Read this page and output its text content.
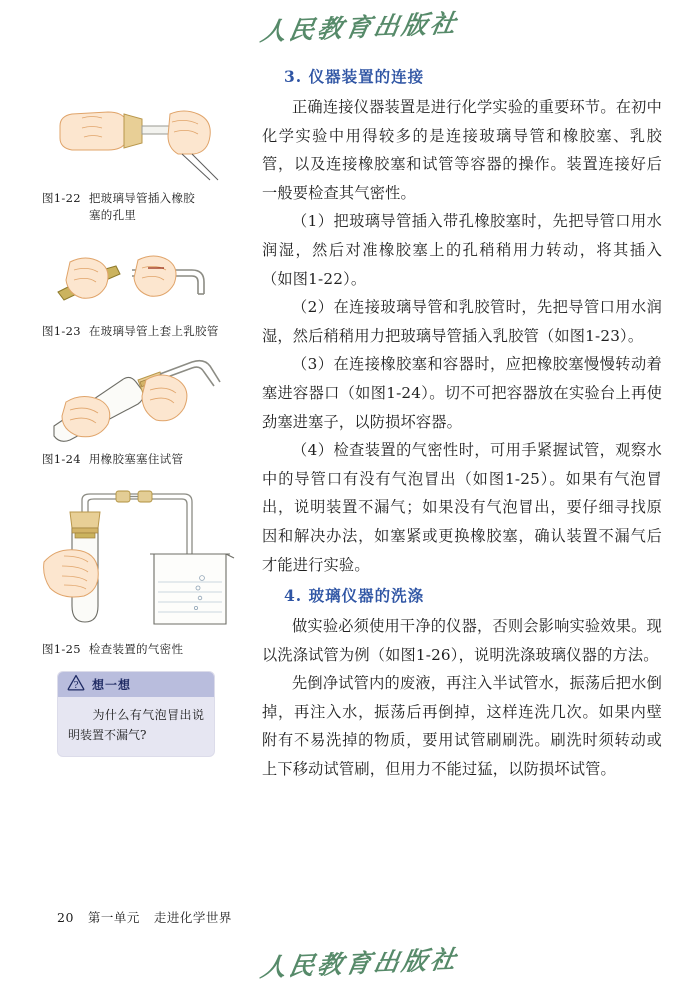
人民教育出版社
图1-22 把玻璃导管插入橡胶
塞的孔里
图1-23 在玻璃导管上套上乳胶管
图1-24 用橡胶塞塞住试管
图1-25 检查装置的气密性
? 想一想
为什么有气泡冒出说明装置不漏气?
3. 仪器装置的连接

正确连接仪器装置是进行化学实验的重要环节。在初中化学实验中用得较多的是连接玻璃导管和橡胶塞、乳胶管，以及连接橡胶塞和试管等容器的操作。装置连接好后一般要检查其气密性。

（1）把玻璃导管插入带孔橡胶塞时，先把导管口用水润湿，然后对准橡胶塞上的孔稍稍用力转动，将其插入（如图1-22）。

（2）在连接玻璃导管和乳胶管时，先把导管口用水润湿，然后稍稍用力把玻璃导管插入乳胶管（如图1-23）。

（3）在连接橡胶塞和容器时，应把橡胶塞慢慢转动着塞进容器口（如图1-24）。切不可把容器放在实验台上再使劲塞进塞子，以防损坏容器。

（4）检查装置的气密性时，可用手紧握试管，观察水中的导管口有没有气泡冒出（如图1-25）。如果有气泡冒出，说明装置不漏气；如果没有气泡冒出，要仔细寻找原因和解决办法，如塞紧或更换橡胶塞，确认装置不漏气后才能进行实验。

4. 玻璃仪器的洗涤

做实验必须使用干净的仪器，否则会影响实验效果。现以洗涤试管为例（如图1-26），说明洗涤玻璃仪器的方法。

先倒净试管内的废液，再注入半试管水，振荡后把水倒掉，再注入水，振荡后再倒掉，这样连洗几次。如果内壁附有不易洗掉的物质，要用试管刷刷洗。刷洗时须转动或上下移动试管刷，但用力不能过猛，以防损坏试管。

20 第一单元 走进化学世界
人民教育出版社
